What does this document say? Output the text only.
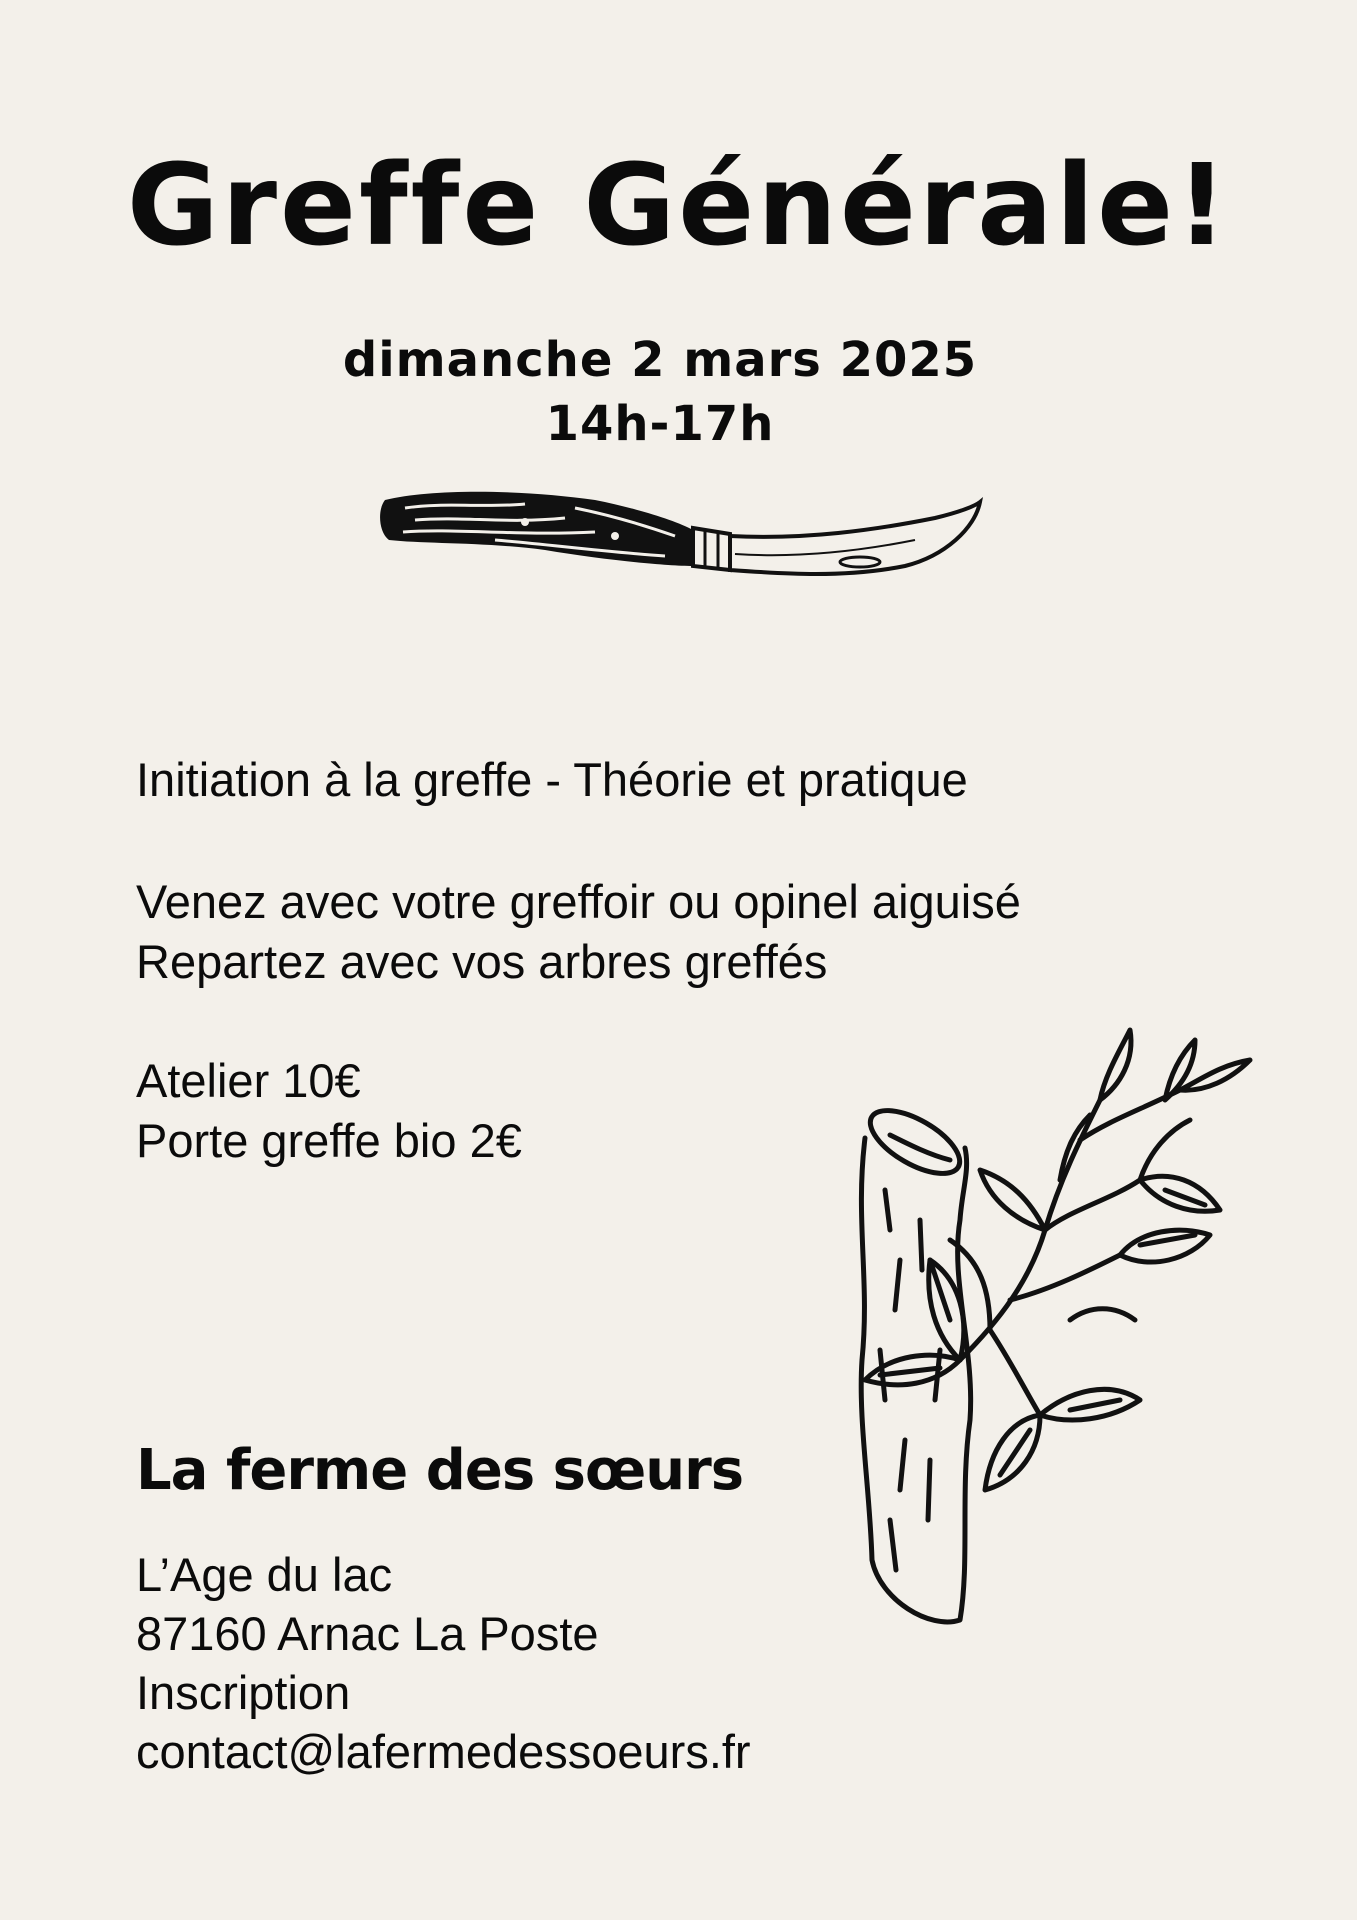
Greffe Générale!
dimanche 2 mars 2025
14h-17h
Initiation à la greffe - Théorie et pratique
Venez avec votre greffoir ou opinel aiguisé
Repartez avec vos arbres greffés
Atelier 10€
Porte greffe bio 2€
La ferme des sœurs
L’Age du lac
87160 Arnac La Poste
Inscription
contact@lafermedessoeurs.fr
